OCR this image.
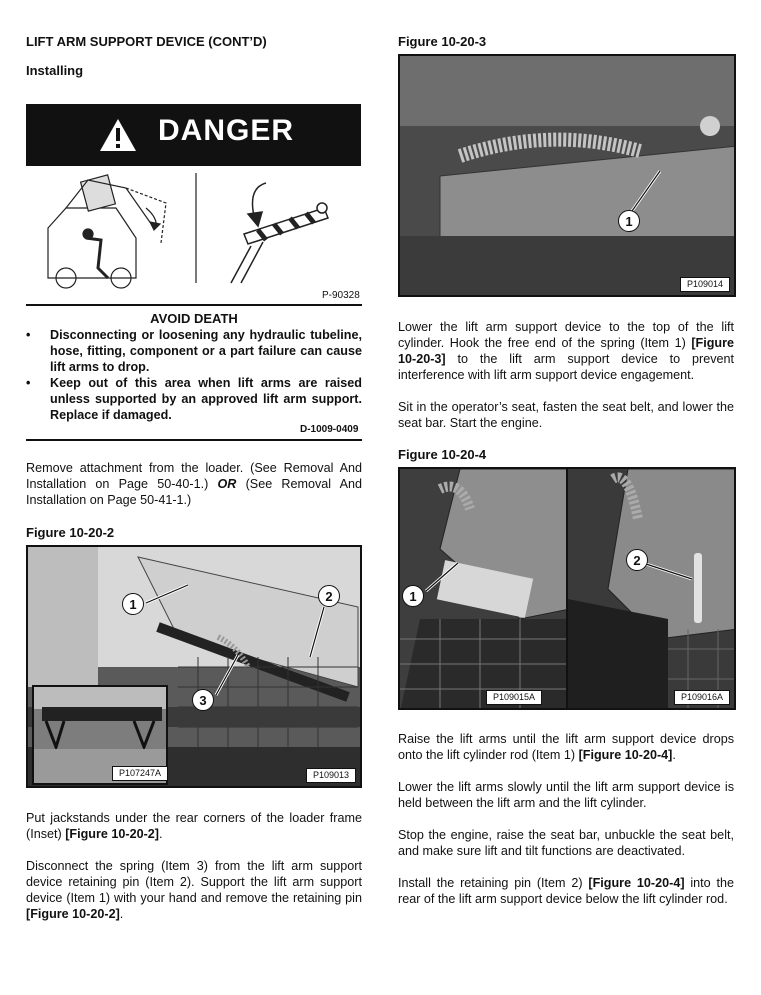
LIFT ARM SUPPORT DEVICE (CONT’D)
Installing
DANGER
P-90328
AVOID DEATH
•	Disconnecting or loosening any hydraulic tubeline, hose, fitting, component or a part failure can cause lift arms to drop.
•	Keep out of this area when lift arms are raised unless supported by an approved lift arm support. Replace if damaged.
D-1009-0409
Remove attachment from the loader. (See Removal And Installation on Page 50-40-1.) OR (See Removal And Installation on Page 50-41-1.)
Figure 10-20-2
P107247A	P109013
1
2
3
Put jackstands under the rear corners of the loader frame (Inset) [Figure 10-20-2].
Disconnect the spring (Item 3) from the lift arm support device retaining pin (Item 2). Support the lift arm support device (Item 1) with your hand and remove the retaining pin [Figure 10-20-2].
Figure 10-20-3
1
P109014
Lower the lift arm support device to the top of the lift cylinder. Hook the free end of the spring (Item 1) [Figure 10-20-3] to the lift arm support device to prevent interference with lift arm support device engagement.
Sit in the operator’s seat, fasten the seat belt, and lower the seat bar. Start the engine.
Figure 10-20-4
1
P109015A
2
P109016A
Raise the lift arms until the lift arm support device drops onto the lift cylinder rod (Item 1) [Figure 10-20-4].
Lower the lift arms slowly until the lift arm support device is held between the lift arm and the lift cylinder.
Stop the engine, raise the seat bar, unbuckle the seat belt, and make sure lift and tilt functions are deactivated.
Install the retaining pin (Item 2) [Figure 10-20-4] into the rear of the lift arm support device below the lift cylinder rod.
